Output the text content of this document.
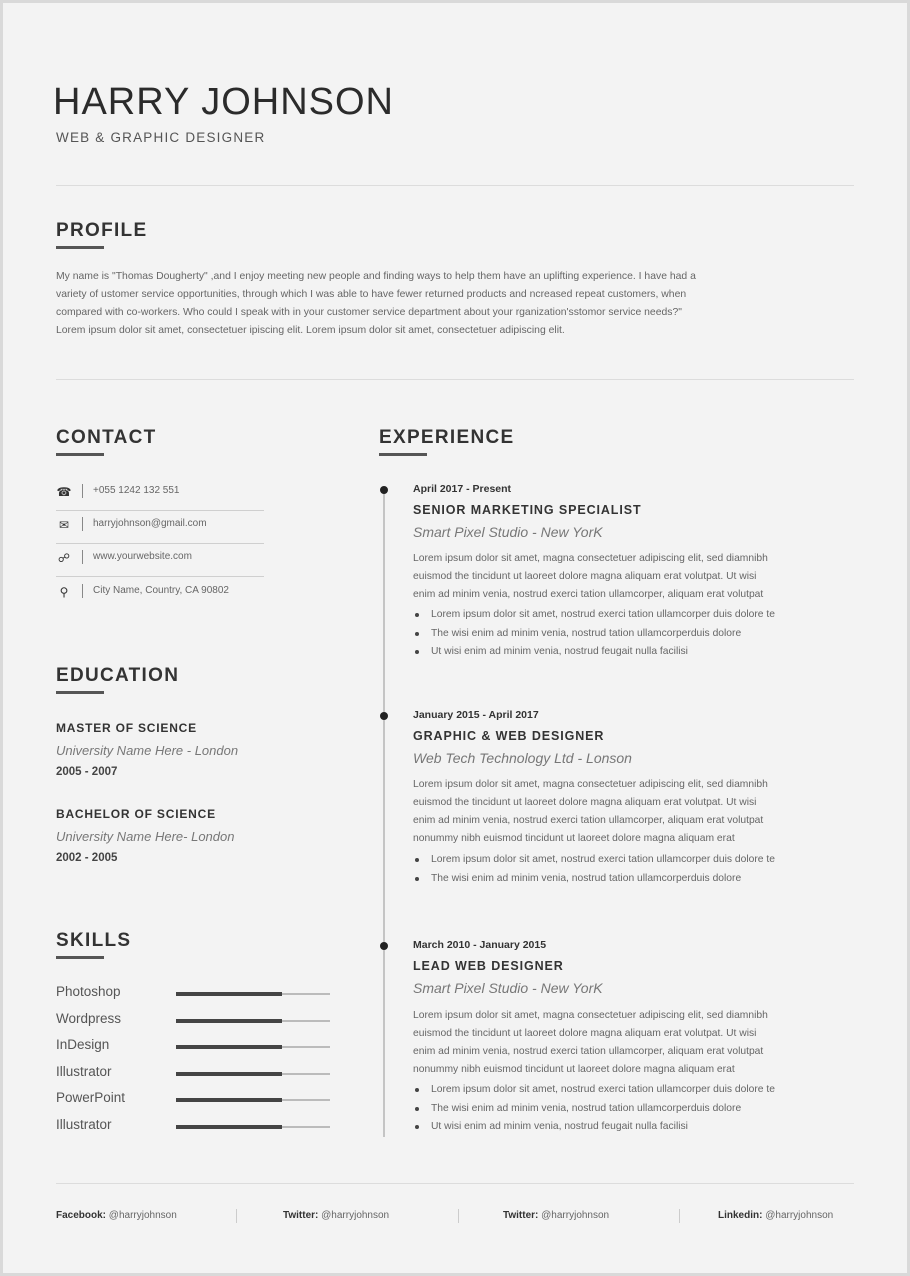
HARRY JOHNSON
WEB & GRAPHIC DESIGNER
PROFILE
My name is "Thomas Dougherty" ,and I enjoy meeting new people and finding ways to help them have an uplifting experience. I have had a
variety of ustomer service opportunities, through which I was able to have fewer returned products and ncreased repeat customers, when
compared with co-workers. Who could I speak with in your customer service department about your rganization'sstomor service needs?"
Lorem ipsum dolor sit amet, consectetuer ipiscing elit. Lorem ipsum dolor sit amet, consectetuer adipiscing elit.
CONTACT
☎ +055 1242 132 551
✉ harryjohnson@gmail.com
☍ www.yourwebsite.com
⚲	City Name, Country, CA 90802
EDUCATION
MASTER OF SCIENCE
University Name Here - London
2005 - 2007
BACHELOR OF SCIENCE
University Name Here- London
2002 - 2005
SKILLS
Photoshop
Wordpress
InDesign
Illustrator
PowerPoint
Illustrator
EXPERIENCE
April 2017 - Present
SENIOR MARKETING SPECIALIST
Smart Pixel Studio - New YorK
Lorem ipsum dolor sit amet, magna consectetuer adipiscing elit, sed diamnibh
euismod the tincidunt ut laoreet dolore magna aliquam erat volutpat. Ut wisi
enim ad minim venia, nostrud exerci tation ullamcorper, aliquam erat volutpat
Lorem ipsum dolor sit amet, nostrud exerci tation ullamcorper duis dolore te
The wisi enim ad minim venia, nostrud tation ullamcorperduis dolore
Ut wisi enim ad minim venia, nostrud feugait nulla facilisi
January 2015 - April 2017
GRAPHIC & WEB DESIGNER
Web Tech Technology Ltd - Lonson
Lorem ipsum dolor sit amet, magna consectetuer adipiscing elit, sed diamnibh
euismod the tincidunt ut laoreet dolore magna aliquam erat volutpat. Ut wisi
enim ad minim venia, nostrud exerci tation ullamcorper, aliquam erat volutpat
nonummy nibh euismod tincidunt ut laoreet dolore magna aliquam erat
Lorem ipsum dolor sit amet, nostrud exerci tation ullamcorper duis dolore te
The wisi enim ad minim venia, nostrud tation ullamcorperduis dolore
March 2010 - January 2015
LEAD WEB DESIGNER
Smart Pixel Studio - New YorK
Lorem ipsum dolor sit amet, magna consectetuer adipiscing elit, sed diamnibh
euismod the tincidunt ut laoreet dolore magna aliquam erat volutpat. Ut wisi
enim ad minim venia, nostrud exerci tation ullamcorper, aliquam erat volutpat
nonummy nibh euismod tincidunt ut laoreet dolore magna aliquam erat
Lorem ipsum dolor sit amet, nostrud exerci tation ullamcorper duis dolore te
The wisi enim ad minim venia, nostrud tation ullamcorperduis dolore
Ut wisi enim ad minim venia, nostrud feugait nulla facilisi
Facebook: @harryjohnson	Twitter: @harryjohnson	Twitter: @harryjohnson	Linkedin: @harryjohnson
